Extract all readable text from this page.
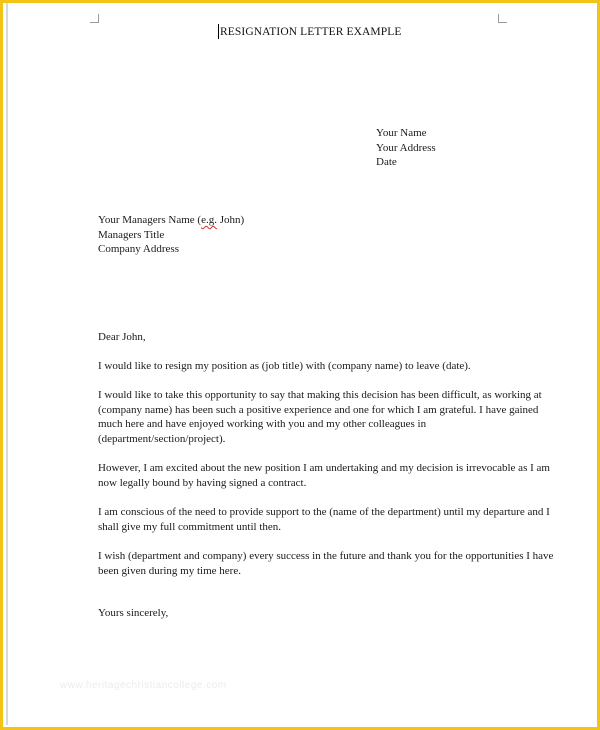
RESIGNATION LETTER EXAMPLE
Your Name
Your Address
Date
Your Managers Name (e.g. John)
Managers Title
Company Address
Dear John,
I would like to resign my position as (job title) with (company name) to leave (date).
I would like to take this opportunity to say that making this decision has been difficult, as working at
(company name) has been such a positive experience and one for which I am grateful. I have gained
much here and have enjoyed working with you and my other colleagues in
(department/section/project).
However, I am excited about the new position I am undertaking and my decision is irrevocable as I am
now legally bound by having signed a contract.
I am conscious of the need to provide support to the (name of the department) until my departure and I
shall give my full commitment until then.
I wish (department and company) every success in the future and thank you for the opportunities I have
been given during my time here.
Yours sincerely,
www.heritagechristiancollege.com
